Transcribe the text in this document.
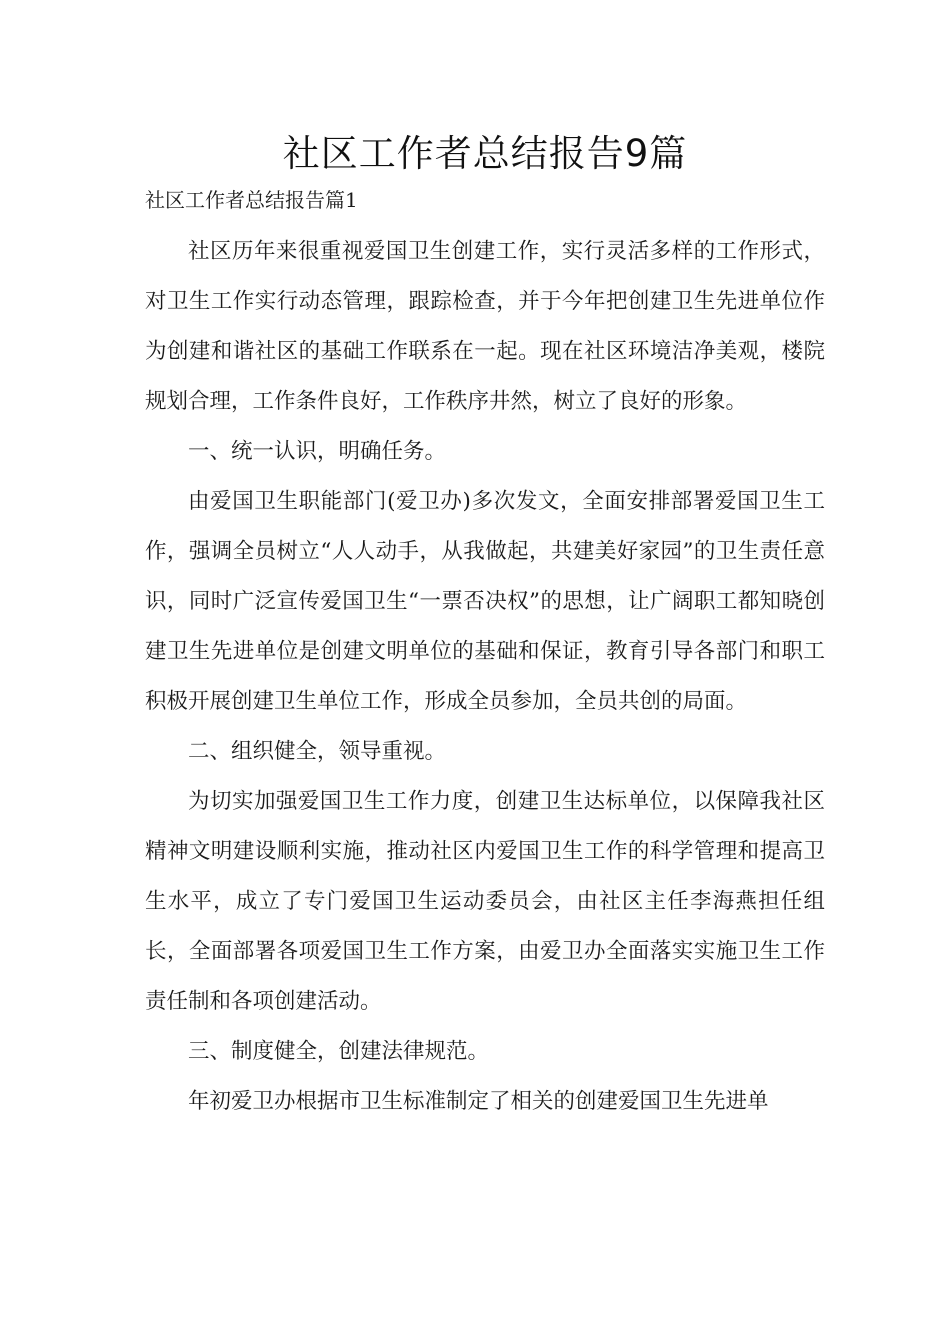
社区工作者总结报告9篇

社区工作者总结报告篇1

社区历年来很重视爱国卫生创建工作，实行灵活多样的工作形式，对卫生工作实行动态管理，跟踪检查，并于今年把创建卫生先进单位作为创建和谐社区的基础工作联系在一起。现在社区环境洁净美观，楼院规划合理，工作条件良好，工作秩序井然，树立了良好的形象。

一、统一认识，明确任务。

由爱国卫生职能部门(爱卫办)多次发文，全面安排部署爱国卫生工作，强调全员树立“人人动手，从我做起，共建美好家园”的卫生责任意识，同时广泛宣传爱国卫生“一票否决权”的思想，让广阔职工都知晓创建卫生先进单位是创建文明单位的基础和保证，教育引导各部门和职工积极开展创建卫生单位工作，形成全员参加，全员共创的局面。

二、组织健全，领导重视。

为切实加强爱国卫生工作力度，创建卫生达标单位，以保障我社区精神文明建设顺利实施，推动社区内爱国卫生工作的科学管理和提高卫生水平，成立了专门爱国卫生运动委员会，由社区主任李海燕担任组长，全面部署各项爱国卫生工作方案，由爱卫办全面落实实施卫生工作责任制和各项创建活动。

三、制度健全，创建法律规范。

年初爱卫办根据市卫生标准制定了相关的创建爱国卫生先进单
